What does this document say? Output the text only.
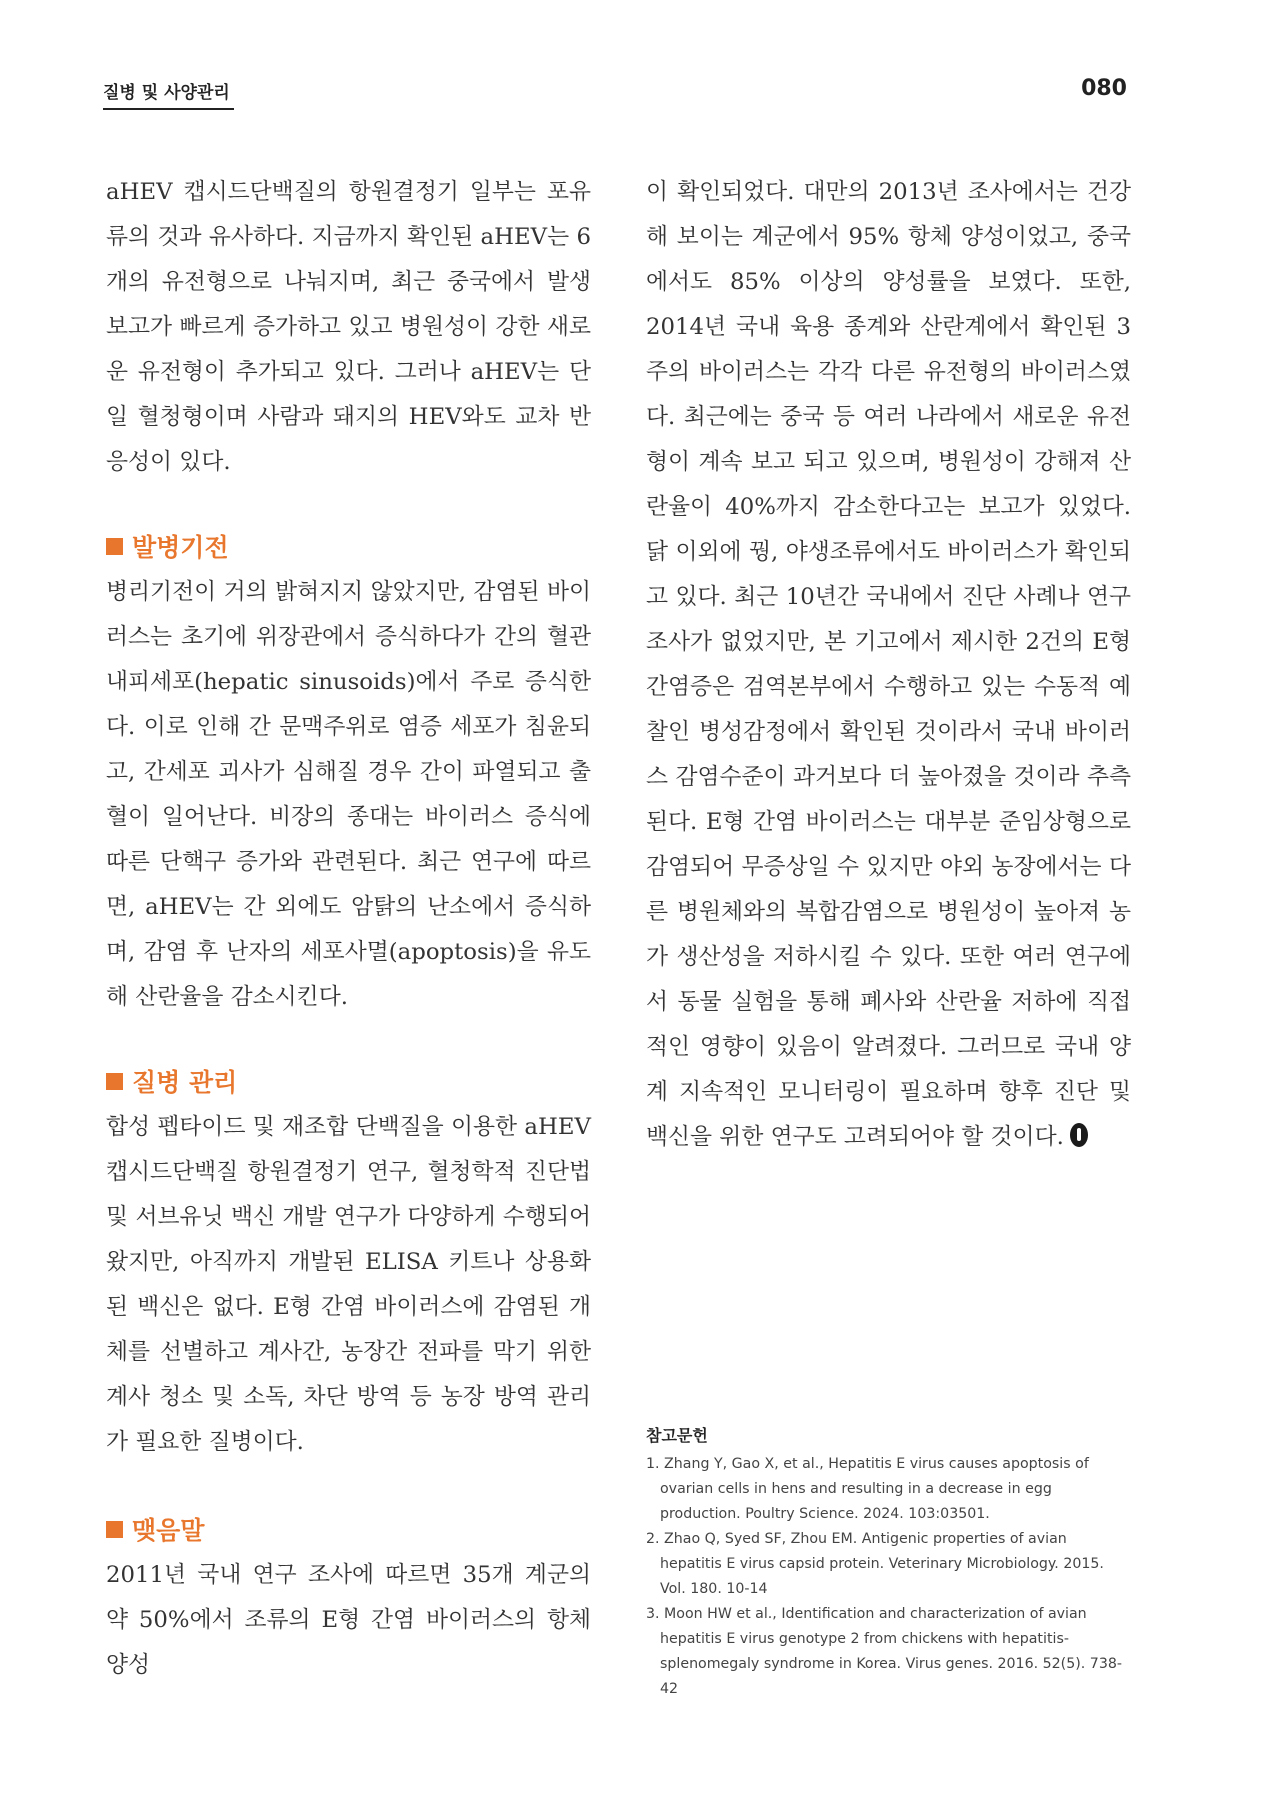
질병 및 사양관리	080

aHEV 캡시드단백질의 항원결정기 일부는 포유류의 것과 유사하다. 지금까지 확인된 aHEV는 6개의 유전형으로 나눠지며, 최근 중국에서 발생 보고가 빠르게 증가하고 있고 병원성이 강한 새로운 유전형이 추가되고 있다. 그러나 aHEV는 단일 혈청형이며 사람과 돼지의 HEV와도 교차 반응성이 있다.

발병기전

병리기전이 거의 밝혀지지 않았지만, 감염된 바이러스는 초기에 위장관에서 증식하다가 간의 혈관 내피세포(hepatic sinusoids)에서 주로 증식한다. 이로 인해 간 문맥주위로 염증 세포가 침윤되고, 간세포 괴사가 심해질 경우 간이 파열되고 출혈이 일어난다. 비장의 종대는 바이러스 증식에 따른 단핵구 증가와 관련된다. 최근 연구에 따르면, aHEV는 간 외에도 암탉의 난소에서 증식하며, 감염 후 난자의 세포사멸(apoptosis)을 유도해 산란율을 감소시킨다.

질병 관리

합성 펩타이드 및 재조합 단백질을 이용한 aHEV 캡시드단백질 항원결정기 연구, 혈청학적 진단법 및 서브유닛 백신 개발 연구가 다양하게 수행되어 왔지만, 아직까지 개발된 ELISA 키트나 상용화된 백신은 없다. E형 간염 바이러스에 감염된 개체를 선별하고 계사간, 농장간 전파를 막기 위한 계사 청소 및 소독, 차단 방역 등 농장 방역 관리가 필요한 질병이다.

맺음말

2011년 국내 연구 조사에 따르면 35개 계군의 약 50%에서 조류의 E형 간염 바이러스의 항체 양성

이 확인되었다. 대만의 2013년 조사에서는 건강해 보이는 계군에서 95% 항체 양성이었고, 중국에서도 85% 이상의 양성률을 보였다. 또한, 2014년 국내 육용 종계와 산란계에서 확인된 3주의 바이러스는 각각 다른 유전형의 바이러스였다. 최근에는 중국 등 여러 나라에서 새로운 유전형이 계속 보고 되고 있으며, 병원성이 강해져 산란율이 40%까지 감소한다고는 보고가 있었다. 닭 이외에 꿩, 야생조류에서도 바이러스가 확인되고 있다. 최근 10년간 국내에서 진단 사례나 연구 조사가 없었지만, 본 기고에서 제시한 2건의 E형 간염증은 검역본부에서 수행하고 있는 수동적 예찰인 병성감정에서 확인된 것이라서 국내 바이러스 감염수준이 과거보다 더 높아졌을 것이라 추측된다. E형 간염 바이러스는 대부분 준임상형으로 감염되어 무증상일 수 있지만 야외 농장에서는 다른 병원체와의 복합감염으로 병원성이 높아져 농가 생산성을 저하시킬 수 있다. 또한 여러 연구에서 동물 실험을 통해 폐사와 산란율 저하에 직접적인 영향이 있음이 알려졌다. 그러므로 국내 양계 지속적인 모니터링이 필요하며 향후 진단 및 백신을 위한 연구도 고려되어야 할 것이다.

참고문헌

1. Zhang Y, Gao X, et al., Hepatitis E virus causes apoptosis of ovarian cells in hens and resulting in a decrease in egg production. Poultry Science. 2024. 103:03501.

2. Zhao Q, Syed SF, Zhou EM. Antigenic properties of avian hepatitis E virus capsid protein. Veterinary Microbiology. 2015. Vol. 180. 10-14

3. Moon HW et al., Identification and characterization of avian hepatitis E virus genotype 2 from chickens with hepatitis-splenomegaly syndrome in Korea. Virus genes. 2016. 52(5). 738-42
